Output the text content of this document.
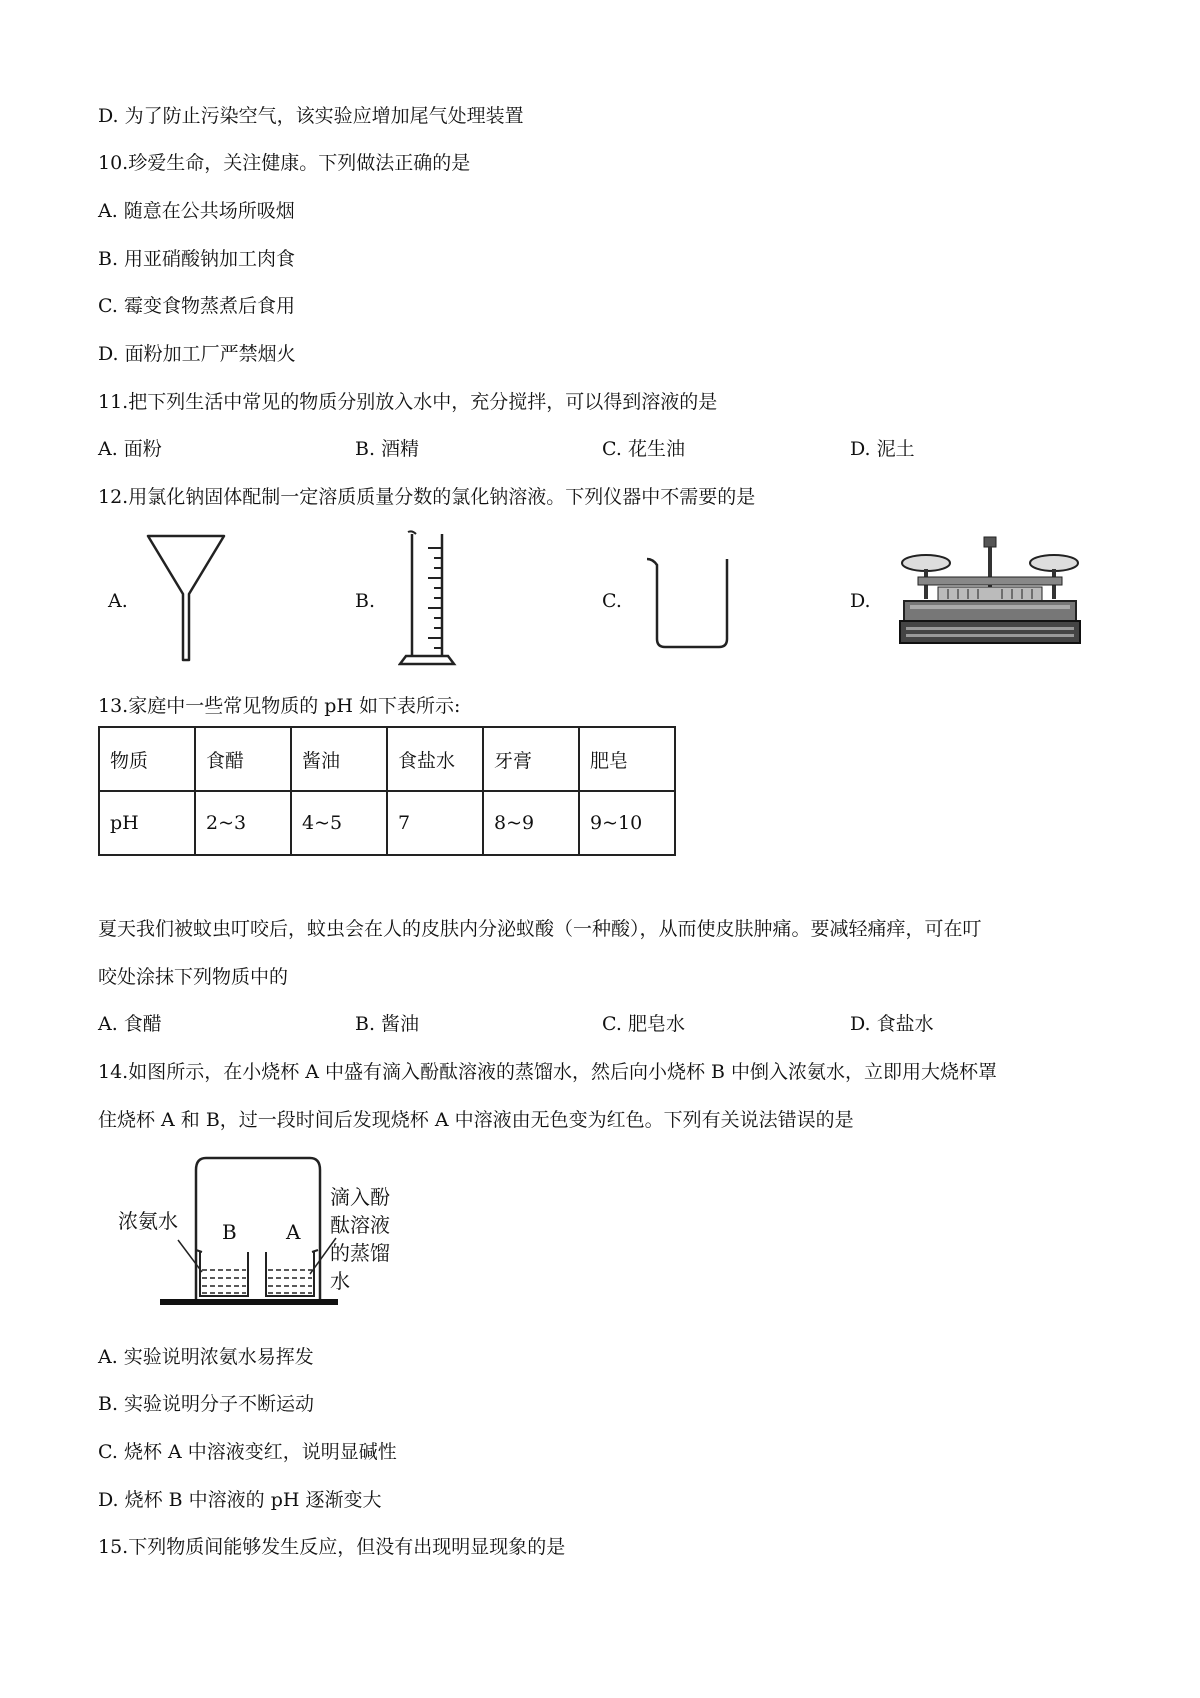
D. 为了防止污染空气，该实验应增加尾气处理装置
10.珍爱生命，关注健康。下列做法正确的是
A. 随意在公共场所吸烟
B. 用亚硝酸钠加工肉食
C. 霉变食物蒸煮后食用
D. 面粉加工厂严禁烟火
11.把下列生活中常见的物质分别放入水中，充分搅拌，可以得到溶液的是
A. 面粉	B. 酒精	C. 花生油	D. 泥土
12.用氯化钠固体配制一定溶质质量分数的氯化钠溶液。下列仪器中不需要的是
A.	B.	C.	D.
13.家庭中一些常见物质的 pH 如下表所示:
物质	食醋	酱油	食盐水	牙膏	肥皂
pH	2~3	4~5	7	8~9	9~10
夏天我们被蚊虫叮咬后，蚊虫会在人的皮肤内分泌蚁酸（一种酸），从而使皮肤肿痛。要减轻痛痒，可在叮
咬处涂抹下列物质中的
A. 食醋	B. 酱油	C. 肥皂水	D. 食盐水
14.如图所示，在小烧杯 A 中盛有滴入酚酞溶液的蒸馏水，然后向小烧杯 B 中倒入浓氨水，立即用大烧杯罩
住烧杯 A 和 B，过一段时间后发现烧杯 A 中溶液由无色变为红色。下列有关说法错误的是
浓氨水 B A
滴入酚
酞溶液
的蒸馏
水
A. 实验说明浓氨水易挥发
B. 实验说明分子不断运动
C. 烧杯 A 中溶液变红，说明显碱性
D. 烧杯 B 中溶液的 pH 逐渐变大
15.下列物质间能够发生反应，但没有出现明显现象的是
